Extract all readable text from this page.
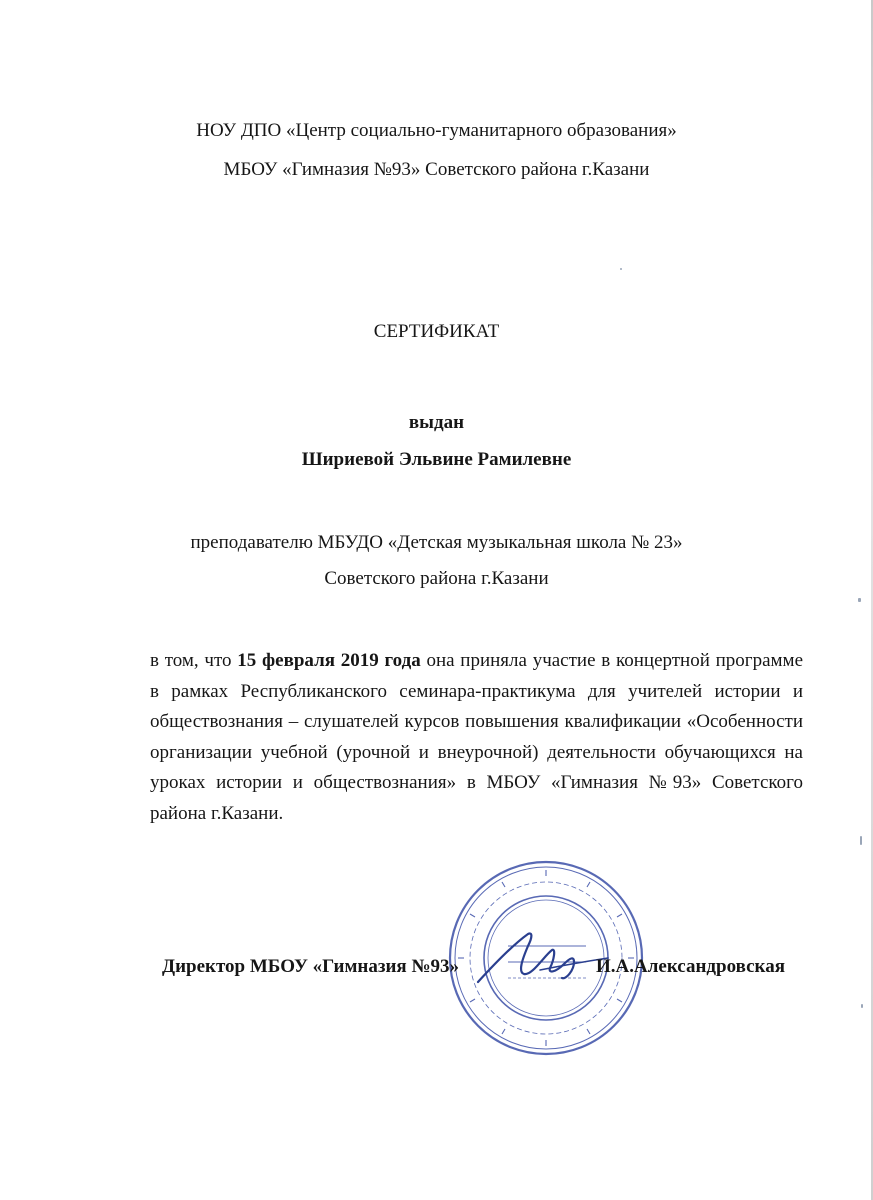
НОУ ДПО «Центр социально-гуманитарного образования»
МБОУ «Гимназия №93» Советского района г.Казани
СЕРТИФИКАТ
выдан
Шириевой Эльвине Рамилевне
преподавателю МБУДО «Детская музыкальная школа № 23»
Советского района г.Казани
в том, что 15 февраля 2019 года она приняла участие в концертной программе в рамках Республиканского семинара-практикума для учителей истории и обществознания – слушателей курсов повышения квалификации «Особенности организации учебной (урочной и внеурочной) деятельности обучающихся на уроках истории и обществознания» в МБОУ «Гимназия №93» Советского района г.Казани.
Директор МБОУ «Гимназия №93»	И.А.Александровская
